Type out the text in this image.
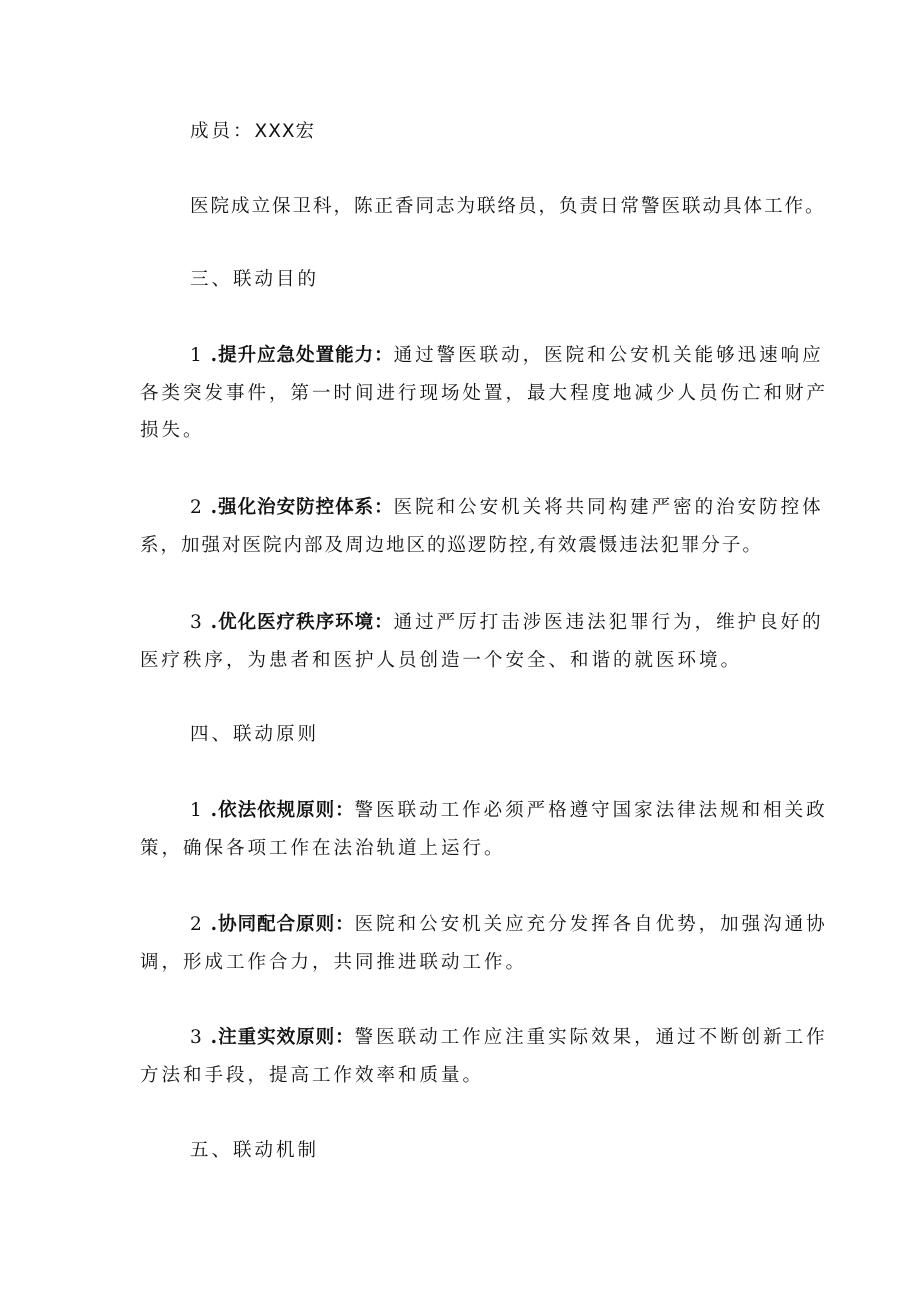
成员：XXX宏
医院成立保卫科，陈正香同志为联络员，负责日常警医联动具体工作。
三、联动目的
1 .提升应急处置能力：通过警医联动，医院和公安机关能够迅速响应
各类突发事件，第一时间进行现场处置，最大程度地减少人员伤亡和财产
损失。
2 .强化治安防控体系：医院和公安机关将共同构建严密的治安防控体
系，加强对医院内部及周边地区的巡逻防控,有效震慑违法犯罪分子。
3 .优化医疗秩序环境：通过严厉打击涉医违法犯罪行为，维护良好的
医疗秩序，为患者和医护人员创造一个安全、和谐的就医环境。
四、联动原则
1 .依法依规原则：警医联动工作必须严格遵守国家法律法规和相关政
策，确保各项工作在法治轨道上运行。
2 .协同配合原则：医院和公安机关应充分发挥各自优势，加强沟通协
调，形成工作合力，共同推进联动工作。
3 .注重实效原则：警医联动工作应注重实际效果，通过不断创新工作
方法和手段，提高工作效率和质量。
五、联动机制
